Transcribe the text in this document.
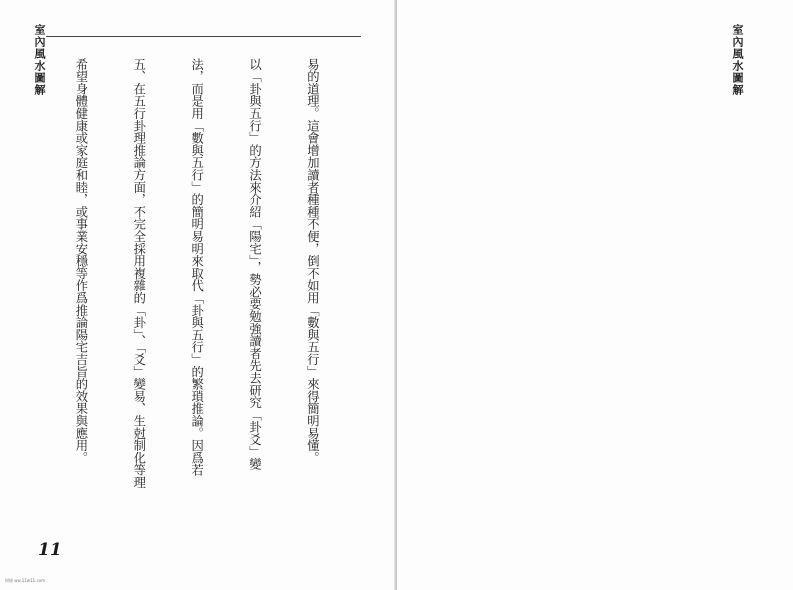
室內風水圖解

	易的道理。這會增加讀者種種不便，倒不如用「數與五行」來得簡明易懂。

以「卦與五行」的方法來介紹「陽宅」，勢必要勉強讀者先去研究「卦爻」變

法，而是用「數與五行」的簡明易明來取代「卦與五行」的繁瑣推論。因爲若

五、在五行卦理推論方面，不完全採用複雜的「卦」、「爻」變易、生尅制化等理

希望身體健康或家庭和睦，或事業安穩等作爲推論陽宅吉旨的效果與應用。

11
室內風水圖解

掃描 ww.11w11.com
